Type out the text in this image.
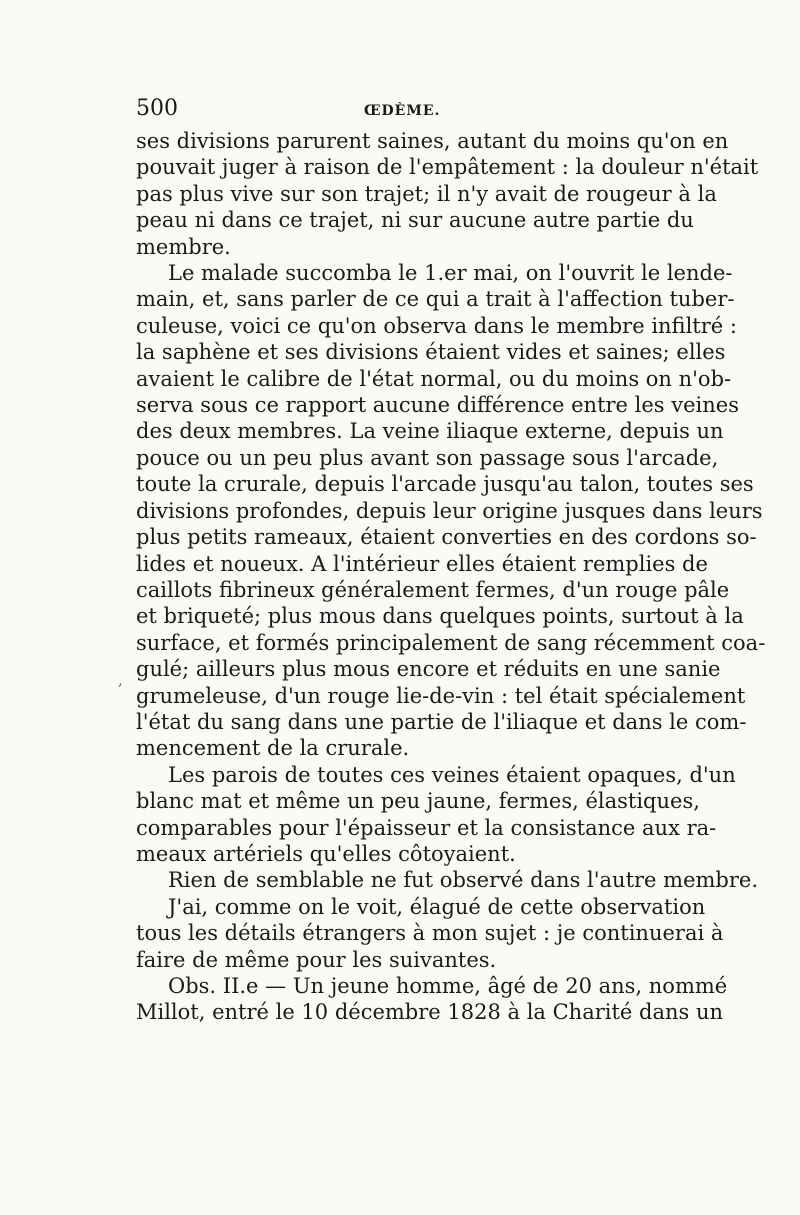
500	ŒDÈME.
ses divisions parurent saines, autant du moins qu'on en
pouvait juger à raison de l'empâtement : la douleur n'était
pas plus vive sur son trajet; il n'y avait de rougeur à la
peau ni dans ce trajet, ni sur aucune autre partie du
membre.
Le malade succomba le 1.er mai, on l'ouvrit le lende-
main, et, sans parler de ce qui a trait à l'affection tuber-
culeuse, voici ce qu'on observa dans le membre infiltré :
la saphène et ses divisions étaient vides et saines; elles
avaient le calibre de l'état normal, ou du moins on n'ob-
serva sous ce rapport aucune différence entre les veines
des deux membres. La veine iliaque externe, depuis un
pouce ou un peu plus avant son passage sous l'arcade,
toute la crurale, depuis l'arcade jusqu'au talon, toutes ses
divisions profondes, depuis leur origine jusques dans leurs
plus petits rameaux, étaient converties en des cordons so-
lides et noueux. A l'intérieur elles étaient remplies de
caillots fibrineux généralement fermes, d'un rouge pâle
et briqueté; plus mous dans quelques points, surtout à la
surface, et formés principalement de sang récemment coa-
gulé; ailleurs plus mous encore et réduits en une sanie
grumeleuse, d'un rouge lie-de-vin : tel était spécialement
l'état du sang dans une partie de l'iliaque et dans le com-
mencement de la crurale.
Les parois de toutes ces veines étaient opaques, d'un
blanc mat et même un peu jaune, fermes, élastiques,
comparables pour l'épaisseur et la consistance aux ra-
meaux artériels qu'elles côtoyaient.
Rien de semblable ne fut observé dans l'autre membre.
J'ai, comme on le voit, élagué de cette observation
tous les détails étrangers à mon sujet : je continuerai à
faire de même pour les suivantes.
Obs. II.e — Un jeune homme, âgé de 20 ans, nommé
Millot, entré le 10 décembre 1828 à la Charité dans un
‚
